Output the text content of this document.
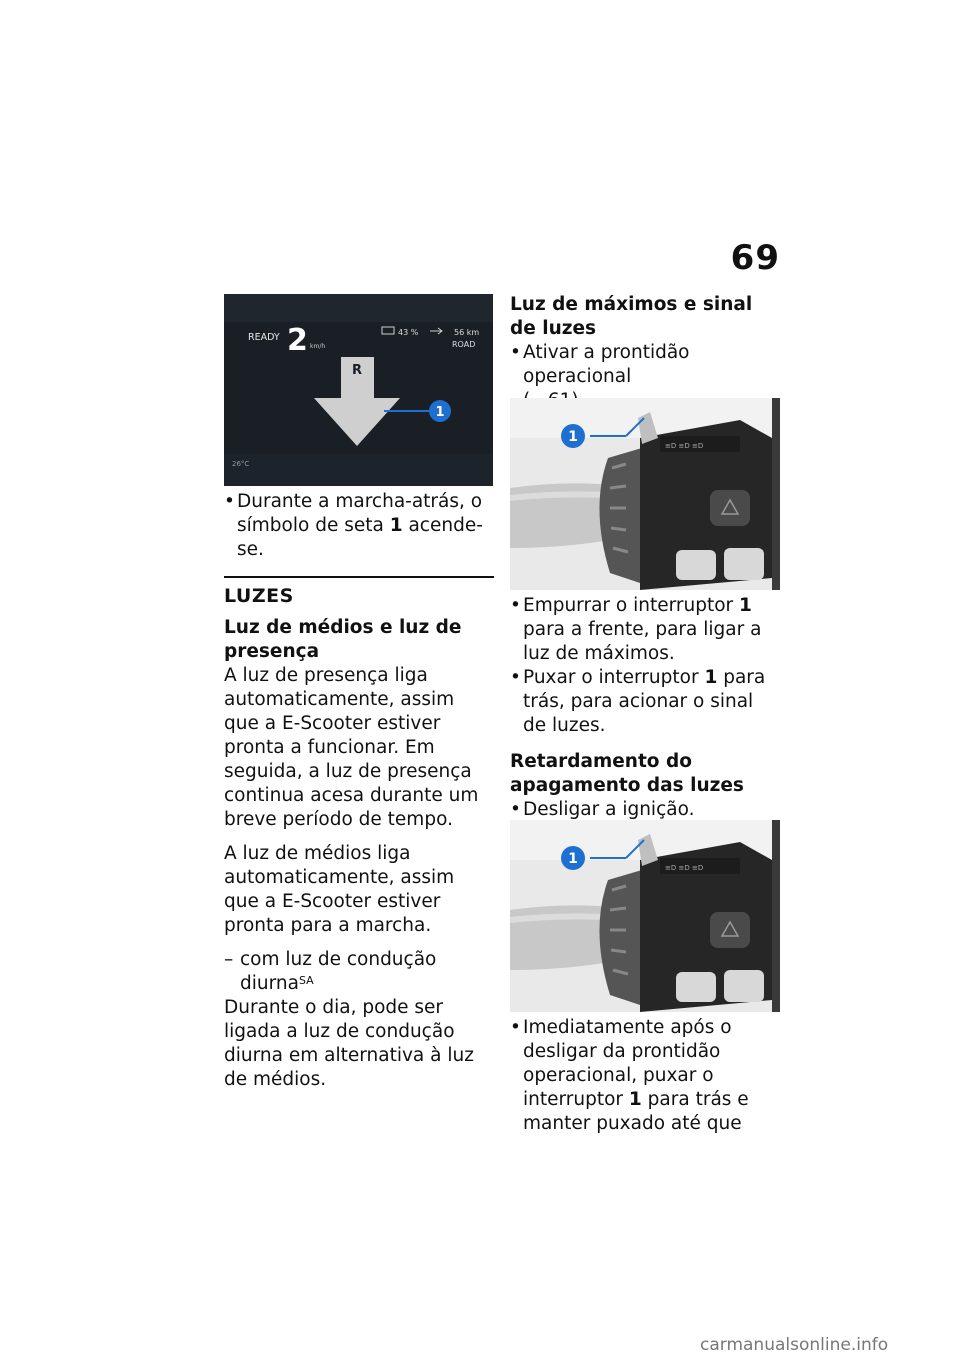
69
READY 2 km/h
43 %	56 km
ROAD
R
1
26°C

• Durante a marcha-atrás, o símbolo de seta 1 acende-se.

LUZES

Luz de médios e luz de presença

A luz de presença liga automaticamente, assim que a E-Scooter estiver pronta a funcionar. Em seguida, a luz de presença continua acesa durante um breve período de tempo.

A luz de médios liga automaticamente, assim que a E-Scooter estiver pronta para a marcha.

– com luz de condução diurna$^{SA}$

Durante o dia, pode ser ligada a luz de condução diurna em alternativa à luz de médios.

Luz de máximos e sinal de luzes

• Ativar a prontidão operacional

≡D ≡D ≡D
1

• Empurrar o interruptor 1 para a frente, para ligar a luz de máximos.

• Puxar o interruptor 1 para trás, para acionar o sinal de luzes.

Retardamento do apagamento das luzes

• Desligar a ignição.

≡D ≡D ≡D
1

• Imediatamente após o desligar da prontidão operacional, puxar o interruptor 1 para trás e manter puxado até que

carmanualsonline.info
